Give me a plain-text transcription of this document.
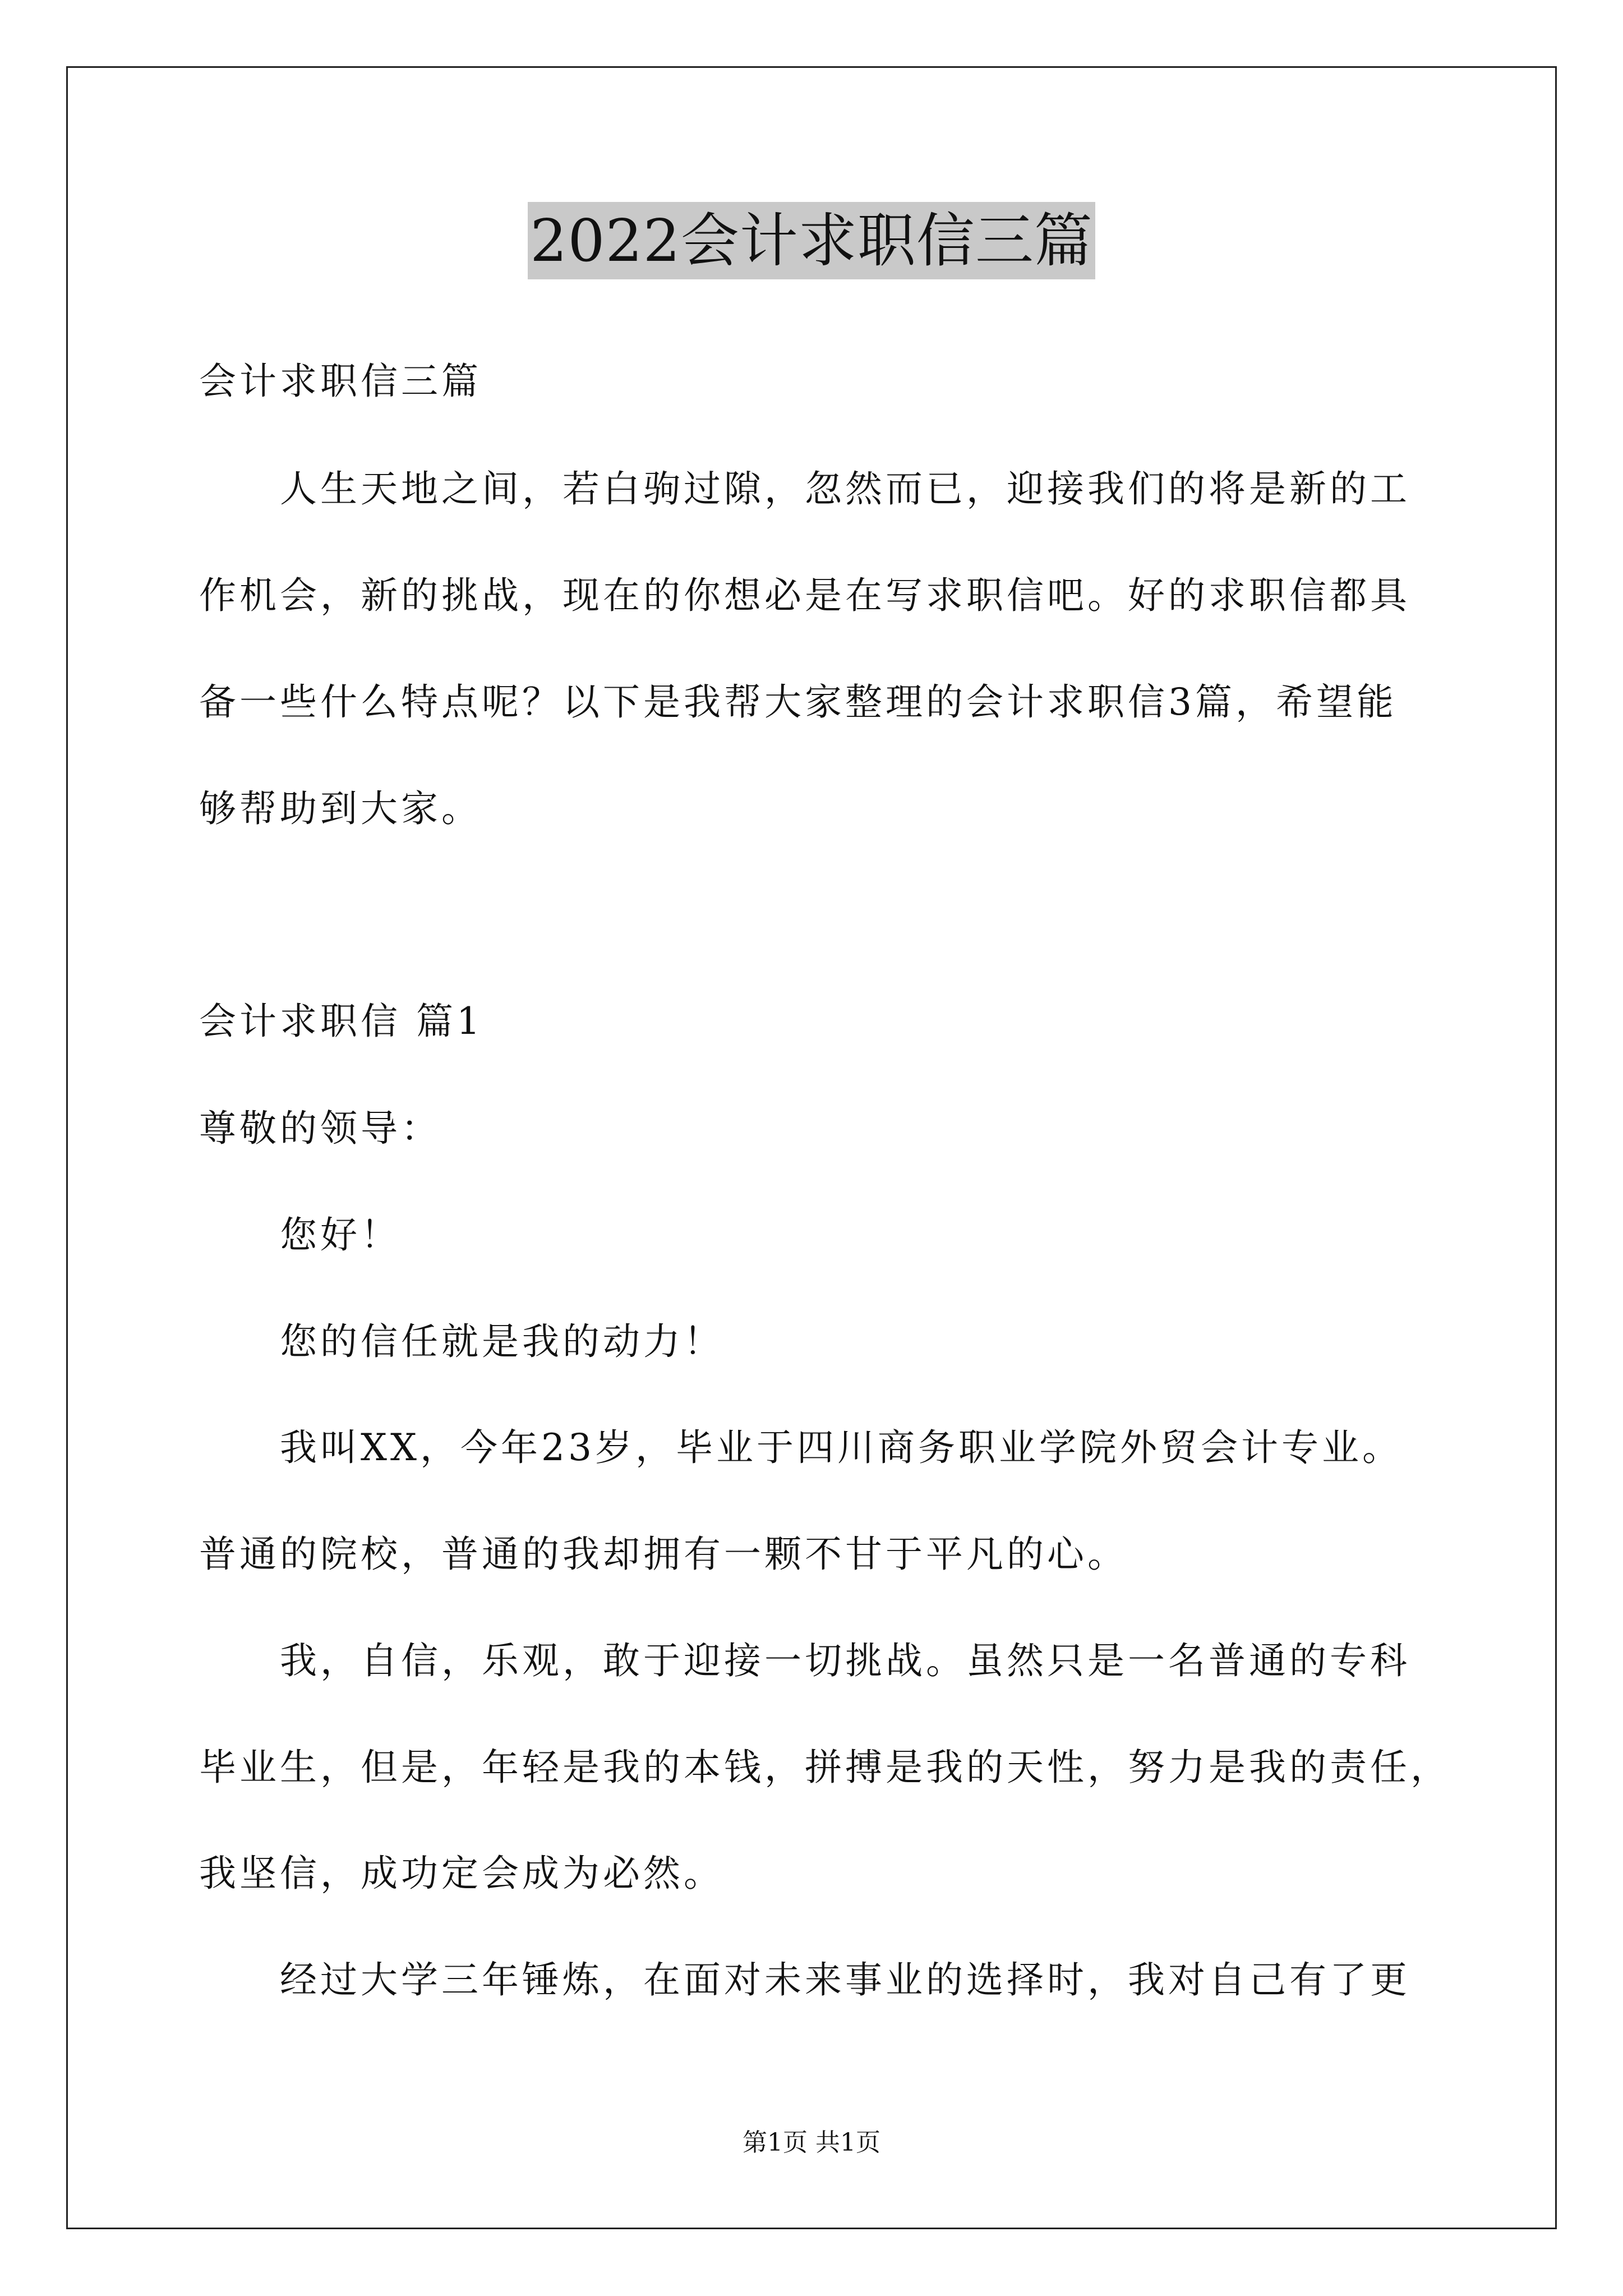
2022会计求职信三篇
会计求职信三篇
人生天地之间，若白驹过隙，忽然而已，迎接我们的将是新的工
作机会，新的挑战，现在的你想必是在写求职信吧。好的求职信都具
备一些什么特点呢？以下是我帮大家整理的会计求职信3篇，希望能
够帮助到大家。
会计求职信 篇1
尊敬的领导：
您好！
您的信任就是我的动力！
我叫XX，今年23岁，毕业于四川商务职业学院外贸会计专业。
普通的院校，普通的我却拥有一颗不甘于平凡的心。
我，自信，乐观，敢于迎接一切挑战。虽然只是一名普通的专科
毕业生，但是，年轻是我的本钱，拼搏是我的天性，努力是我的责任，
我坚信，成功定会成为必然。
经过大学三年锤炼，在面对未来事业的选择时，我对自己有了更
第1页 共1页
